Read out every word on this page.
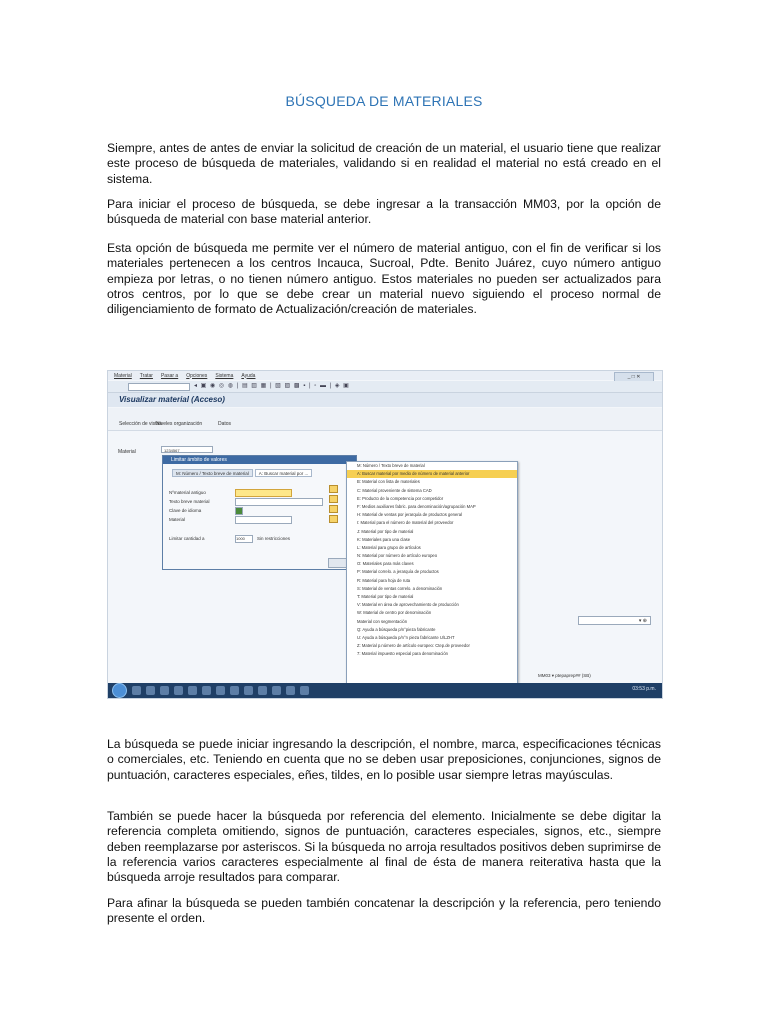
BÚSQUEDA DE MATERIALES

Siempre, antes de antes de enviar la solicitud de creación de un material, el usuario tiene que realizar este proceso de búsqueda de materiales, validando si en realidad el material no está creado en el sistema.

Para iniciar el proceso de búsqueda, se debe ingresar a la transacción MM03, por la opción de búsqueda de material con base material anterior.

Esta opción de búsqueda me permite ver el número de material antiguo, con el fin de verificar si los materiales pertenecen a los centros Incauca, Sucroal, Pdte. Benito Juárez, cuyo número antiguo empieza por letras, o no tienen número antiguo. Estos materiales no pueden ser actualizados para otros centros, por lo que se debe crear un material nuevo siguiendo el proceso normal de diligenciamiento de formato de Actualización/creación de materiales.

Material Tratar Pasar a Opciones Sistema Ayuda	_ □ ✕
◂ ▣ ◉ ◎ ◍ | ▤ ▥ ▦ | ▧ ▨ ▩ ▪ | ▫ ▬ | ◈ ▣
Visualizar material (Acceso)
Selección de vistas
Niveles organización	Datos
Material	1234567
Limitar ámbito de valores
M: Número / Texto breve de material	A: Buscar material por ...
Nºmaterial antiguo
Texto breve material
Clave de idioma
Material
Limitar cantidad a	1000	Sin restricciones
M: Número / Texto breve de material
A: Buscar material por medio de número de material anterior
B: Material con lista de materiales
C: Material proveniente de sistema CAD
E: Producto de la competencia por competidor
F: Medios auxiliares fabric. para denominación/agrupación MAP
H: Material de ventas por jerarquía de productos general
I: Material para el número de material del proveedor
J: Material por tipo de material
K: Materiales para una clase
L: Material para grupo de artículos
N: Material por número de artículo europeo
O: Materiales para más claves
P: Material correlo. a jerarquía de productos
R: Material para hoja de ruta
S: Material de ventas correlo. a denominación
T: Material por tipo de material
V: Material en área de aprovechamiento de producción
W: Material de centro por denominación
Material con segmentación
Q: Ayuda a búsqueda p/n°pieza fabricante
U: Ayuda a búsqueda p/n°n pieza fabricante U/LZHT
Z: Material p.número de artículo europeo: Ctep.de proveedor
7: Material impuesto especial para denominación
▾ ⊕
MM03 ▾ ptepaprep## (SB)
03:53 p.m.

La búsqueda se puede iniciar ingresando la descripción, el nombre, marca, especificaciones técnicas o comerciales, etc. Teniendo en cuenta que no se deben usar preposiciones, conjunciones, signos de puntuación, caracteres especiales, eñes, tildes, en lo posible usar siempre letras mayúsculas.

También se puede hacer la búsqueda por referencia del elemento. Inicialmente se debe digitar la referencia completa omitiendo, signos de puntuación, caracteres especiales, signos, etc., siempre deben reemplazarse por asteriscos. Si la búsqueda no arroja resultados positivos deben suprimirse de la referencia varios caracteres especialmente al final de ésta de manera reiterativa hasta que la búsqueda arroje resultados para comparar.

Para afinar la búsqueda se pueden también concatenar la descripción y la referencia, pero teniendo presente el orden.
